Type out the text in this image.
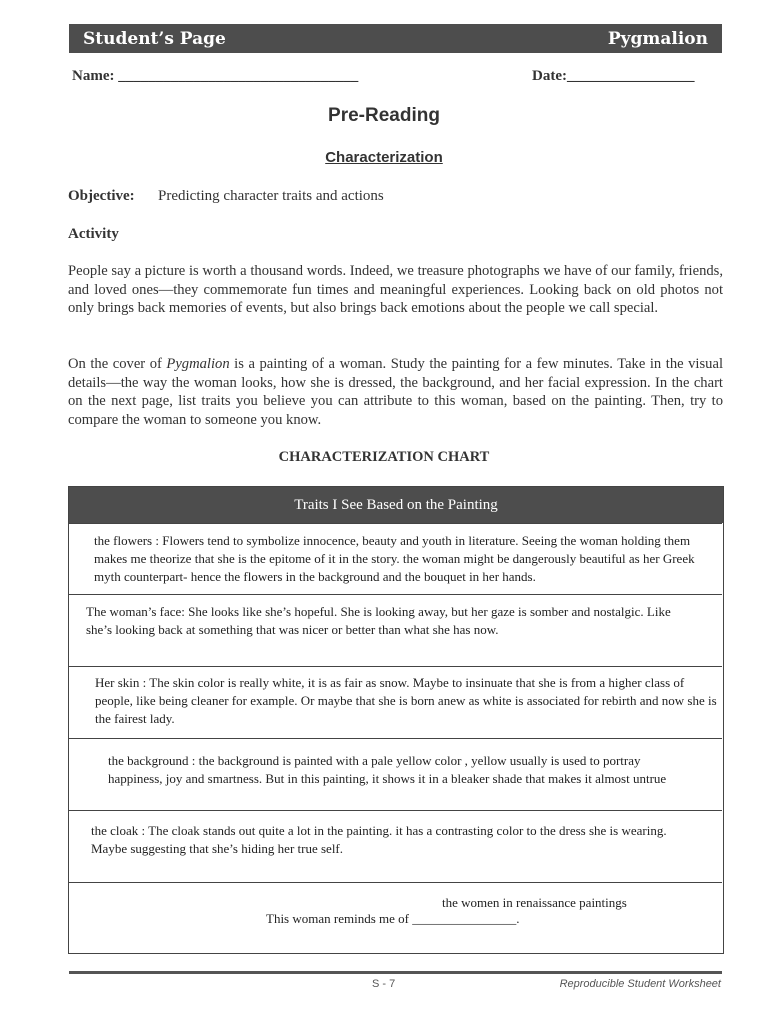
Student’s Page	Pygmalion
Name: ________________________________	Date:_________________
Pre-Reading
Characterization
Objective: Predicting character traits and actions
Activity

People say a picture is worth a thousand words. Indeed, we treasure photographs we have of our family, friends, and loved ones—they commemorate fun times and meaningful experiences. Looking back on old photos not only brings back memories of events, but also brings back emotions about the people we call special.

On the cover of Pygmalion is a painting of a woman. Study the painting for a few minutes. Take in the visual details—the way the woman looks, how she is dressed, the background, and her facial expression. In the chart on the next page, list traits you believe you can attribute to this woman, based on the painting. Then, try to compare the woman to someone you know.

CHARACTERIZATION CHART
Traits I See Based on the Painting
the flowers : Flowers tend to symbolize innocence, beauty and youth in literature. Seeing the woman holding them makes me theorize that she is the epitome of it in the story. the woman might be dangerously beautiful as her Greek myth counterpart- hence the flowers in the background and the bouquet in her hands.
The woman’s face: She looks like she’s hopeful. She is looking away, but her gaze is somber and nostalgic. Like she’s looking back at something that was nicer or better than what she has now.
Her skin : The skin color is really white, it is as fair as snow. Maybe to insinuate that she is from a higher class of people, like being cleaner for example. Or maybe that she is born anew as white is associated for rebirth and now she is the fairest lady.
the background : the background is painted with a pale yellow color , yellow usually is used to portray happiness, joy and smartness. But in this painting, it shows it in a bleaker shade that makes it almost untrue
the cloak : The cloak stands out quite a lot in the painting. it has a contrasting color to the dress she is wearing. Maybe suggesting that she’s hiding her true self.
the women in renaissance paintings
This woman reminds me of ________________.
S - 7	Reproducible Student Worksheet
